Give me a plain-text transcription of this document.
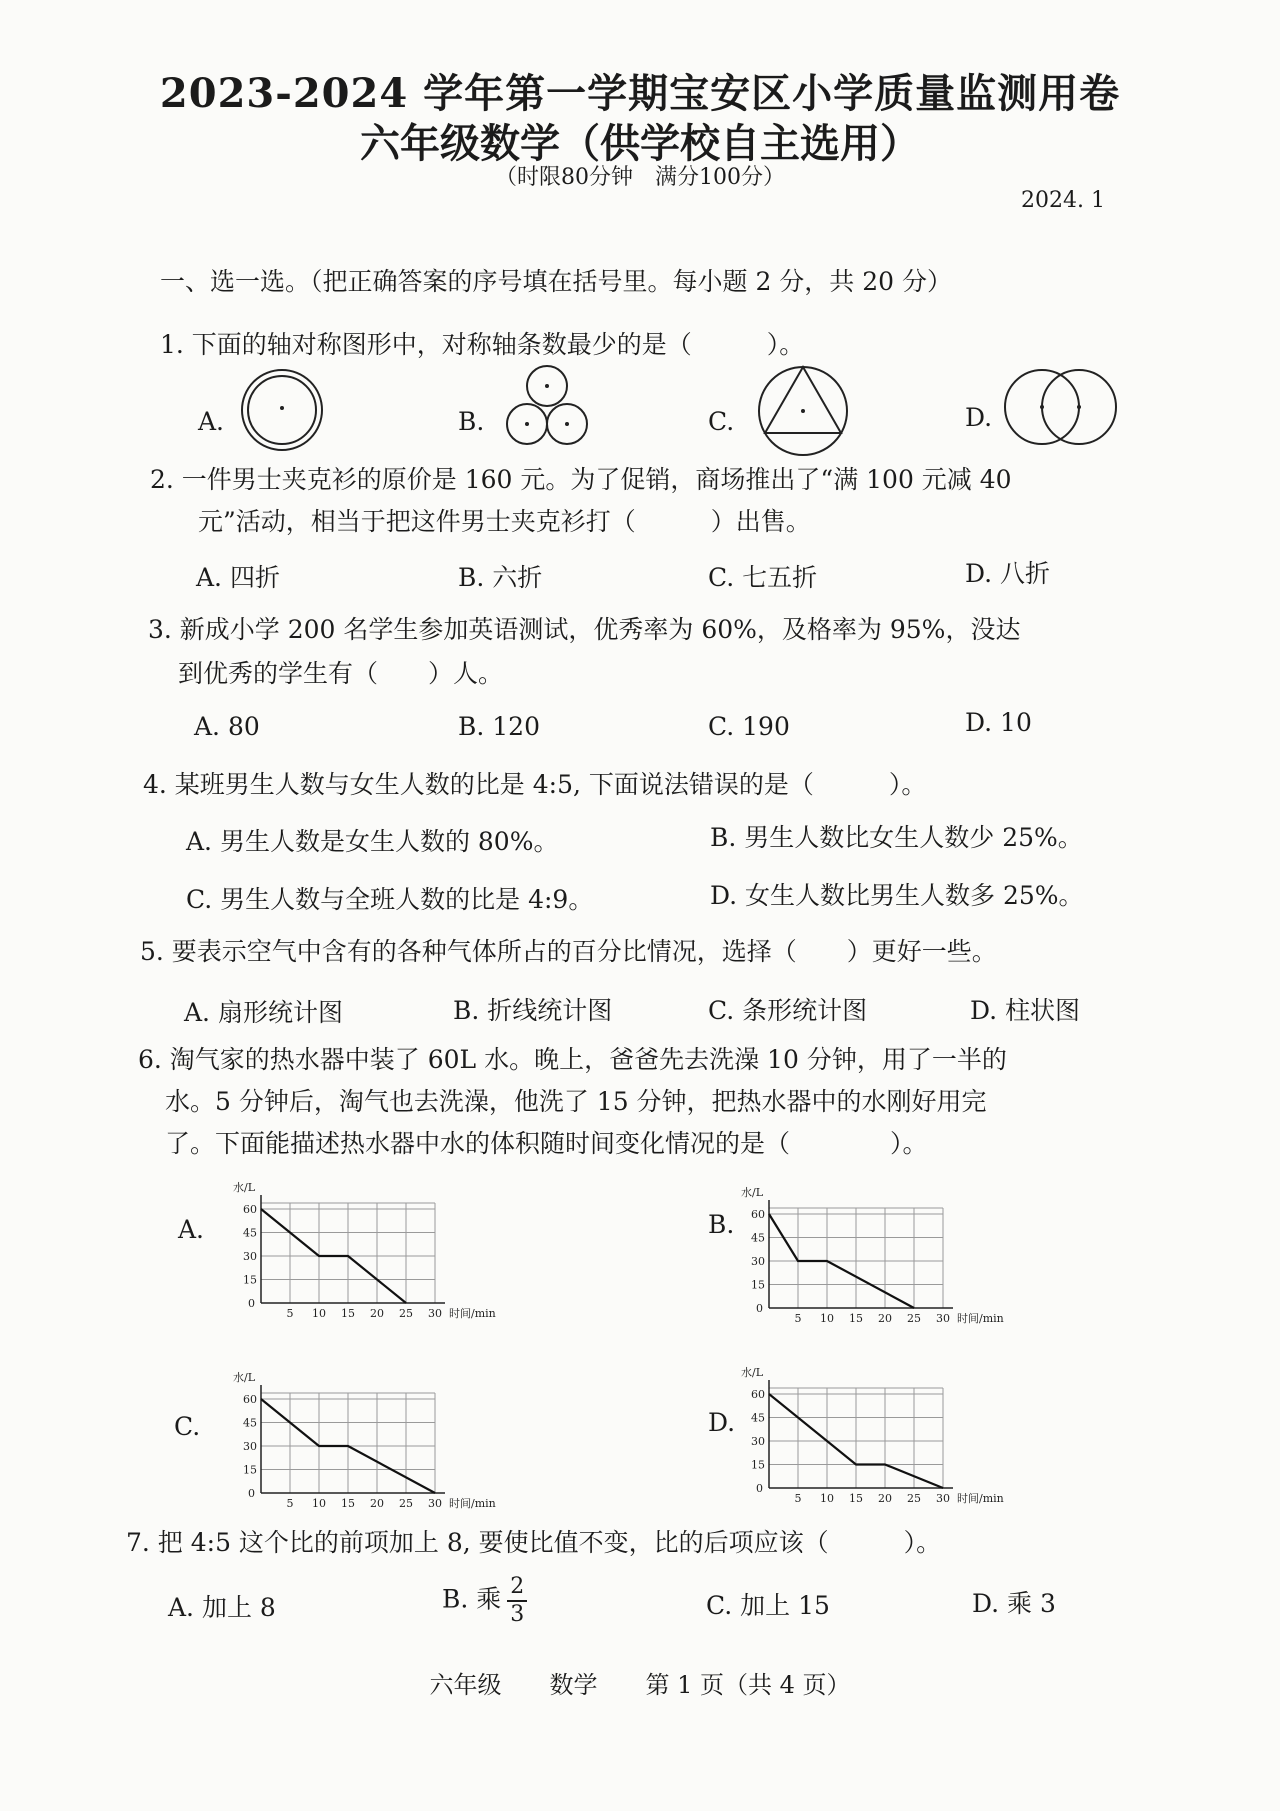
2023-2024 学年第一学期宝安区小学质量监测用卷
六年级数学（供学校自主选用）
（时限80分钟　满分100分）
2024. 1
一、选一选。（把正确答案的序号填在括号里。每小题 2 分，共 20 分）
1. 下面的轴对称图形中，对称轴条数最少的是（　　　）。
A.	B.	C.	D.
2. 一件男士夹克衫的原价是 160 元。为了促销，商场推出了“满 100 元减 40
元”活动，相当于把这件男士夹克衫打（　　　）出售。
A. 四折	B. 六折	C. 七五折	D. 八折
3. 新成小学 200 名学生参加英语测试，优秀率为 60%，及格率为 95%，没达
到优秀的学生有（　　）人。
A. 80	B. 120	C. 190	D. 10
4. 某班男生人数与女生人数的比是 4:5, 下面说法错误的是（　　　）。
A. 男生人数是女生人数的 80%。	B. 男生人数比女生人数少 25%。
C. 男生人数与全班人数的比是 4:9。	D. 女生人数比男生人数多 25%。
5. 要表示空气中含有的各种气体所占的百分比情况，选择（　　）更好一些。
A. 扇形统计图	B. 折线统计图	C. 条形统计图	D. 柱状图
6. 淘气家的热水器中装了 60L 水。晚上，爸爸先去洗澡 10 分钟，用了一半的
水。5 分钟后，淘气也去洗澡，他洗了 15 分钟，把热水器中的水刚好用完
了。下面能描述热水器中水的体积随时间变化情况的是（　　　　）。
A.	B.
C.	D.
5 10 15 20 25 30
60
45
30
15
0
时间/min
水/L
5 10 15 20 25 30
60
45
30
15
0
时间/min
水/L
5 10 15 20 25 30
60
45
30
15
0
时间/min
水/L
5 10 15 20 25 30
60
45
30
15
0
时间/min
水/L
7. 把 4:5 这个比的前项加上 8, 要使比值不变，比的后项应该（　　　）。
A. 加上 8	B. 乘 $\frac{2}{3}$	C. 加上 15	D. 乘 3
六年级　　数学　　第 1 页（共 4 页）
